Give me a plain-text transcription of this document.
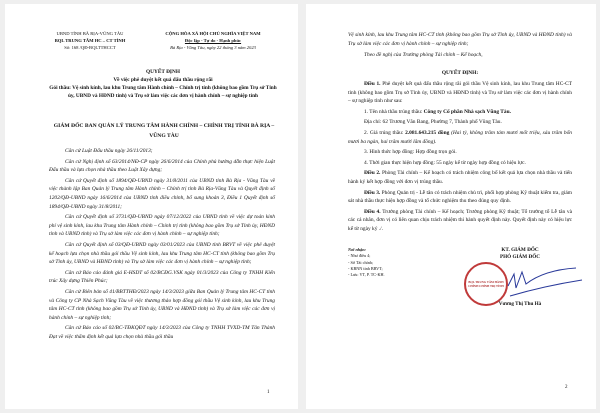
UBND TỈNH BÀ RỊA-VŨNG TÀU
BQL TRUNG TÂM HC – CT TỈNH
Số: 168 /QĐ-BQLTTHCCT
CỘNG HÒA XÃ HỘI CHỦ NGHĨA VIỆT NAM
Độc lập - Tự do - Hạnh phúc
Bà Rịa - Vũng Tàu, ngày 22 tháng 3 năm 2023
QUYẾT ĐỊNH
Về việc phê duyệt kết quả đấu thầu rộng rãi
Gói thầu: Vệ sinh kính, lau khu Trung tâm Hành chính – Chính trị tỉnh (không bao gồm Trụ sở Tỉnh ủy, UBND và HĐND tỉnh) và Trụ sở làm việc các đơn vị hành chính – sự nghiệp tỉnh
GIÁM ĐỐC BAN QUẢN LÝ TRUNG TÂM HÀNH CHÍNH – CHÍNH TRỊ TỈNH BÀ RỊA – VŨNG TÀU

Căn cứ Luật Đấu thầu ngày 26/11/2013;

Căn cứ Nghị định số 63/2014/NĐ-CP ngày 26/6/2014 của Chính phủ hướng dẫn thực hiện Luật Đấu thầu và lựa chọn nhà thầu theo Luật Xây dựng;

Căn cứ Quyết định số 1894/QĐ-UBND ngày 31/8/2011 của UBND tỉnh Bà Rịa - Vũng Tàu về việc thành lập Ban Quản lý Trung tâm Hành chính – Chính trị tỉnh Bà Rịa-Vũng Tàu và Quyết định số 1202/QĐ-UBND ngày 16/6/2014 của UBND tỉnh điều chỉnh, bổ sung khoản 3, Điều 1 Quyết định số 1894/QĐ-UBND ngày 31/8/2011;

Căn cứ Quyết định số 3731/QĐ-UBND ngày 07/12/2022 của UBND tỉnh về việc dự toán kinh phí vệ sinh kính, lau khu Trung tâm Hành chính – Chính trị tỉnh (không bao gồm Trụ sở Tỉnh ủy, HĐND tỉnh và UBND tỉnh) và Trụ sở làm việc các đơn vị hành chính – sự nghiệp tỉnh;

Căn cứ Quyết định số 03/QĐ-UBND ngày 03/01/2023 của UBND tỉnh BRVT về việc phê duyệt kế hoạch lựa chọn nhà thầu gói thầu Vệ sinh kính, lau khu Trung tâm HC-CT tỉnh (không bao gồm Trụ sở Tỉnh ủy, UBND và HĐND tỉnh) và Trụ sở làm việc các đơn vị hành chính – sự nghiệp tỉnh;

Căn cứ Báo cáo đánh giá E-HSDT số 02/BCĐG.VSK ngày 01/3/2023 của Công ty TNHH Kiến trúc Xây dựng Thiên Phúc;

Căn cứ Biên bản số 41/BBTTHĐ/2023 ngày 14/3/2023 giữa Ban Quản lý Trung tâm HC-CT tỉnh và Công ty CP Nhà Sạch Vũng Tàu về việc thương thảo hợp đồng gói thầu Vệ sinh kính, lau khu Trung tâm HC-CT tỉnh (không bao gồm Trụ sở Tỉnh ủy, UBND và HĐND tỉnh) và Trụ sở làm việc các đơn vị hành chính – sự nghiệp tỉnh;

Căn cứ Báo cáo số 02/BC-TĐKQĐT ngày 14/3/2023 của Công ty TNHH TVXD-TM Tân Thành Đạt về việc thẩm định kết quả lựa chọn nhà thầu gói thầu

1
Vệ sinh kính, lau khu Trung tâm HC-CT tỉnh (không bao gồm Trụ sở Tỉnh ủy, UBND và HĐND tỉnh) và Trụ sở làm việc các đơn vị hành chính – sự nghiệp tỉnh;

Theo đề nghị của Trưởng phòng Tài chính – Kế hoạch,

QUYẾT ĐỊNH:

Điều 1. Phê duyệt kết quả đấu thầu rộng rãi gói thầu Vệ sinh kính, lau khu Trung tâm HC-CT tỉnh (không bao gồm Trụ sở Tỉnh ủy, UBND và HĐND tỉnh) và Trụ sở làm việc các đơn vị hành chính – sự nghiệp tỉnh như sau:

1. Tên nhà thầu trúng thầu: Công ty Cổ phần Nhà sạch Vũng Tàu.

Địa chỉ: 62 Trương Văn Bang, Phường 7, Thành phố Vũng Tàu.

2. Giá trúng thầu: 2.081.643.215 đồng (Hai tỷ, không trăm tám mươi mốt triệu, sáu trăm bốn mươi ba ngàn, hai trăm mười lăm đồng).

3. Hình thức hợp đồng: Hợp đồng trọn gói.

4. Thời gian thực hiện hợp đồng: 55 ngày kể từ ngày hợp đồng có hiệu lực.

Điều 2. Phòng Tài chính – Kế hoạch có trách nhiệm công bố kết quả lựa chọn nhà thầu và tiến hành ký kết hợp đồng với đơn vị trúng thầu.

Điều 3. Phòng Quản trị - Lễ tân có trách nhiệm chủ trì, phối hợp phòng Kỹ thuật kiểm tra, giám sát nhà thầu thực hiện hợp đồng và tổ chức nghiệm thu theo đúng quy định.

Điều 4. Trưởng phòng Tài chính – Kế hoạch; Trưởng phòng Kỹ thuật; Tổ trưởng tổ Lễ tân và các cá nhân, đơn vị có liên quan chịu trách nhiệm thi hành quyết định này. Quyết định này có hiệu lực kể từ ngày ký ./.

Nơi nhận:
- Như điều 4;
- Sở Tài chính;
- KBNN tỉnh BRVT;
- Lưu: VT, P. TC-KH.
KT. GIÁM ĐỐC
PHÓ GIÁM ĐỐC
BQL TRUNG TÂM HÀNH CHÍNH CHÍNH TRỊ TỈNH
Vương Thị Thu Hà
2
